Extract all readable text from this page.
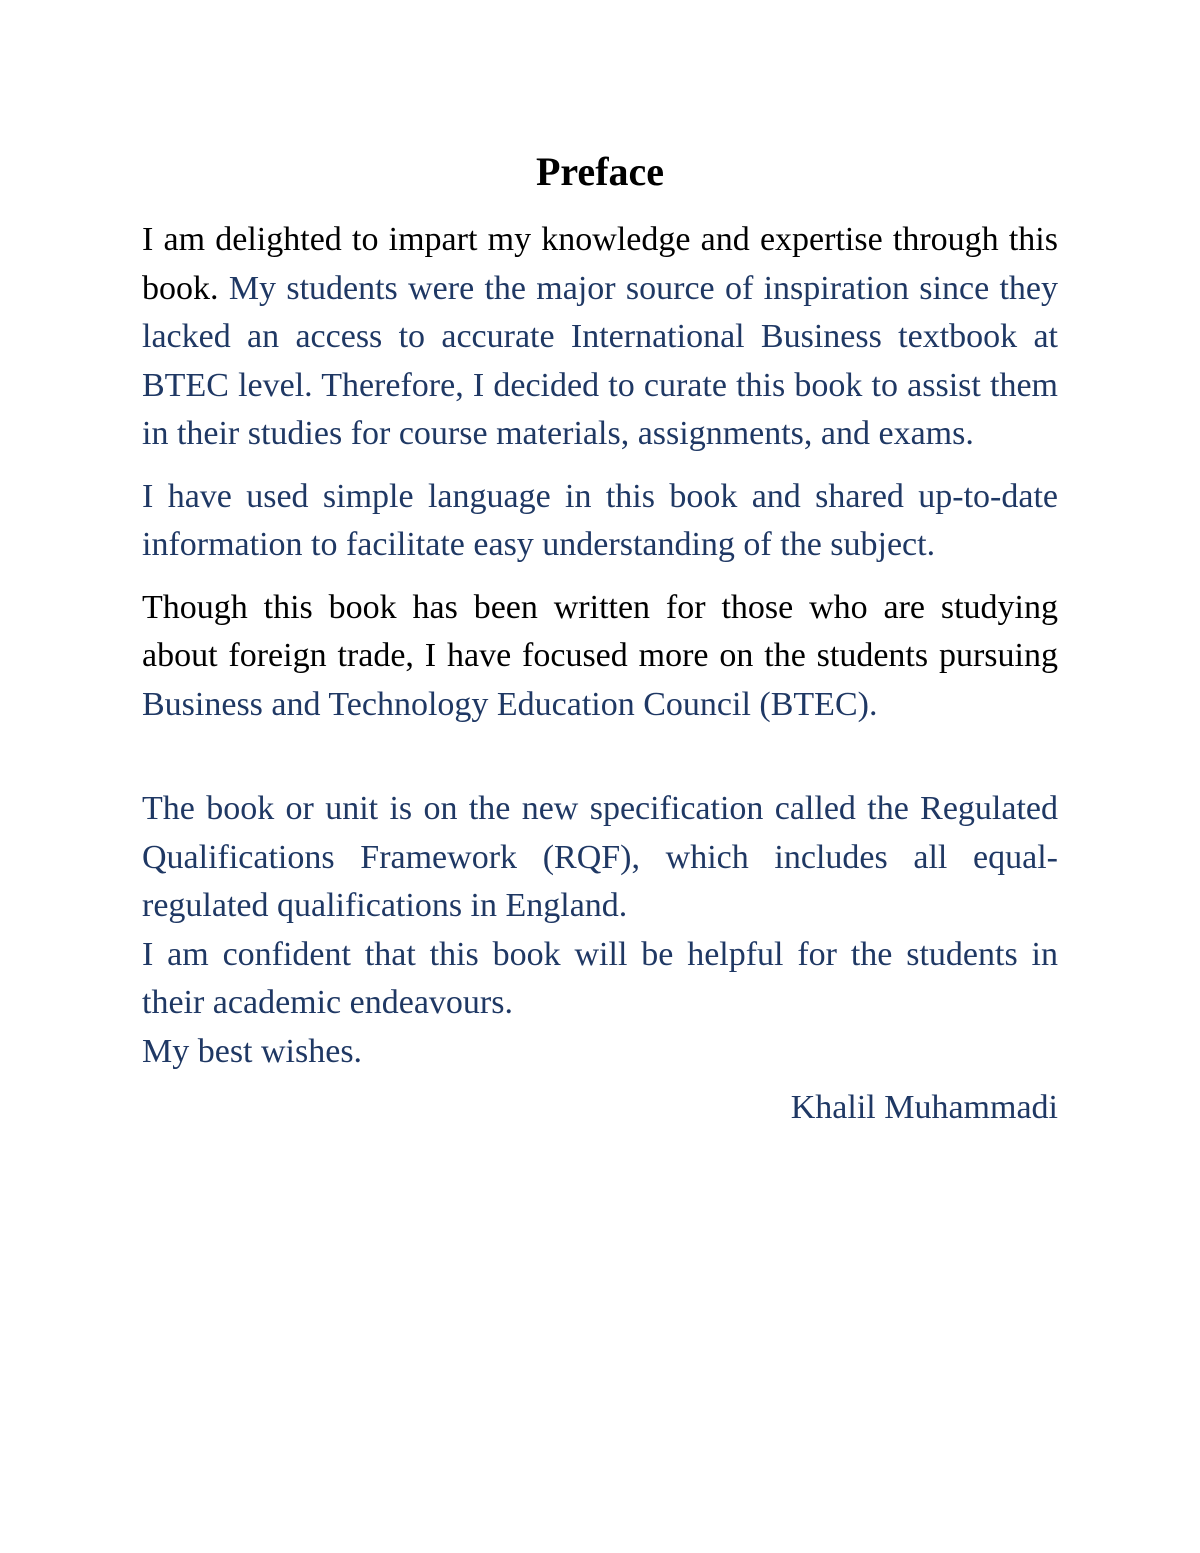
Preface

I am delighted to impart my knowledge and expertise through this book. My students were the major source of inspiration since they lacked an access to accurate International Business textbook at BTEC level. Therefore, I decided to curate this book to assist them in their studies for course materials, assignments, and exams.

I have used simple language in this book and shared up-to-date information to facilitate easy understanding of the subject.

Though this book has been written for those who are studying about foreign trade, I have focused more on the students pursuing Business and Technology Education Council (BTEC).

The book or unit is on the new specification called the Regulated Qualifications Framework (RQF), which includes all equal-regulated qualifications in England.

I am confident that this book will be helpful for the students in their academic endeavours.

My best wishes.

Khalil Muhammadi
